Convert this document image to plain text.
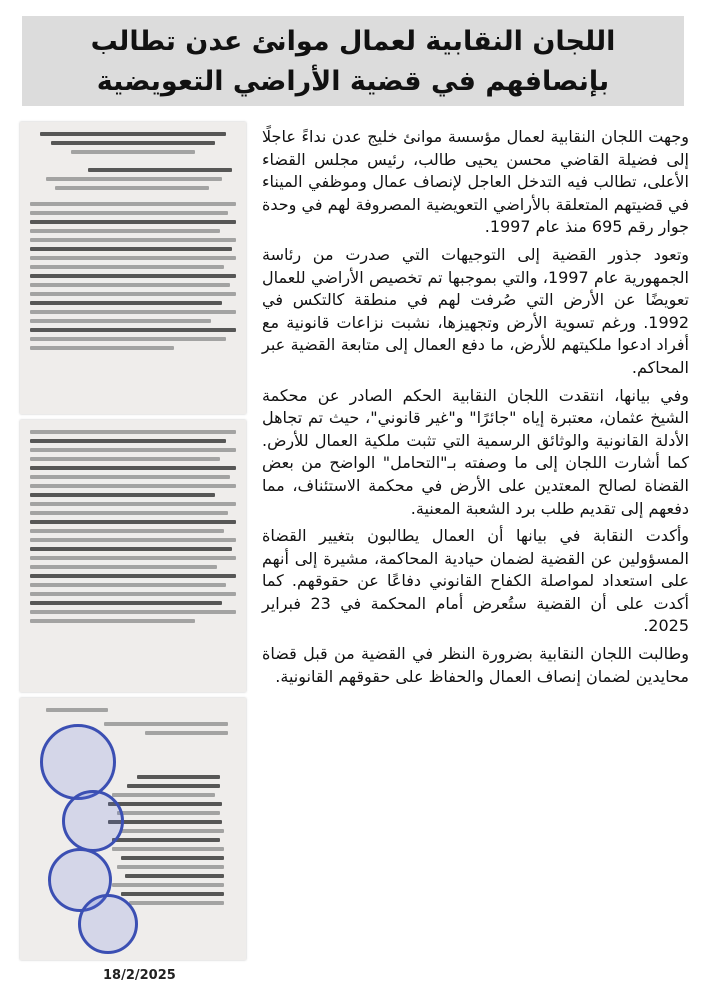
اللجان النقابية لعمال موانئ عدن تطالب
بإنصافهم في قضية الأراضي التعويضية
18/2/2025

وجهت اللجان النقابية لعمال مؤسسة موانئ خليج عدن نداءً عاجلًا إلى فضيلة القاضي محسن يحيى طالب، رئيس مجلس القضاء الأعلى، تطالب فيه التدخل العاجل لإنصاف عمال وموظفي الميناء في قضيتهم المتعلقة بالأراضي التعويضية المصروفة لهم في وحدة جوار رقم 695 منذ عام 1997.

وتعود جذور القضية إلى التوجيهات التي صدرت من رئاسة الجمهورية عام 1997، والتي بموجبها تم تخصيص الأراضي للعمال تعويضًا عن الأرض التي صُرفت لهم في منطقة كالتكس في 1992. ورغم تسوية الأرض وتجهيزها، نشبت نزاعات قانونية مع أفراد ادعوا ملكيتهم للأرض، ما دفع العمال إلى متابعة القضية عبر المحاكم.

وفي بيانها، انتقدت اللجان النقابية الحكم الصادر عن محكمة الشيخ عثمان، معتبرة إياه "جائرًا" و"غير قانوني"، حيث تم تجاهل الأدلة القانونية والوثائق الرسمية التي تثبت ملكية العمال للأرض. كما أشارت اللجان إلى ما وصفته بـ"التحامل" الواضح من بعض القضاة لصالح المعتدين على الأرض في محكمة الاستئناف، مما دفعهم إلى تقديم طلب برد الشعبة المعنية.

وأكدت النقابة في بيانها أن العمال يطالبون بتغيير القضاة المسؤولين عن القضية لضمان حيادية المحاكمة، مشيرة إلى أنهم على استعداد لمواصلة الكفاح القانوني دفاعًا عن حقوقهم. كما أكدت على أن القضية ستُعرض أمام المحكمة في 23 فبراير 2025.

وطالبت اللجان النقابية بضرورة النظر في القضية من قبل قضاة محايدين لضمان إنصاف العمال والحفاظ على حقوقهم القانونية.
